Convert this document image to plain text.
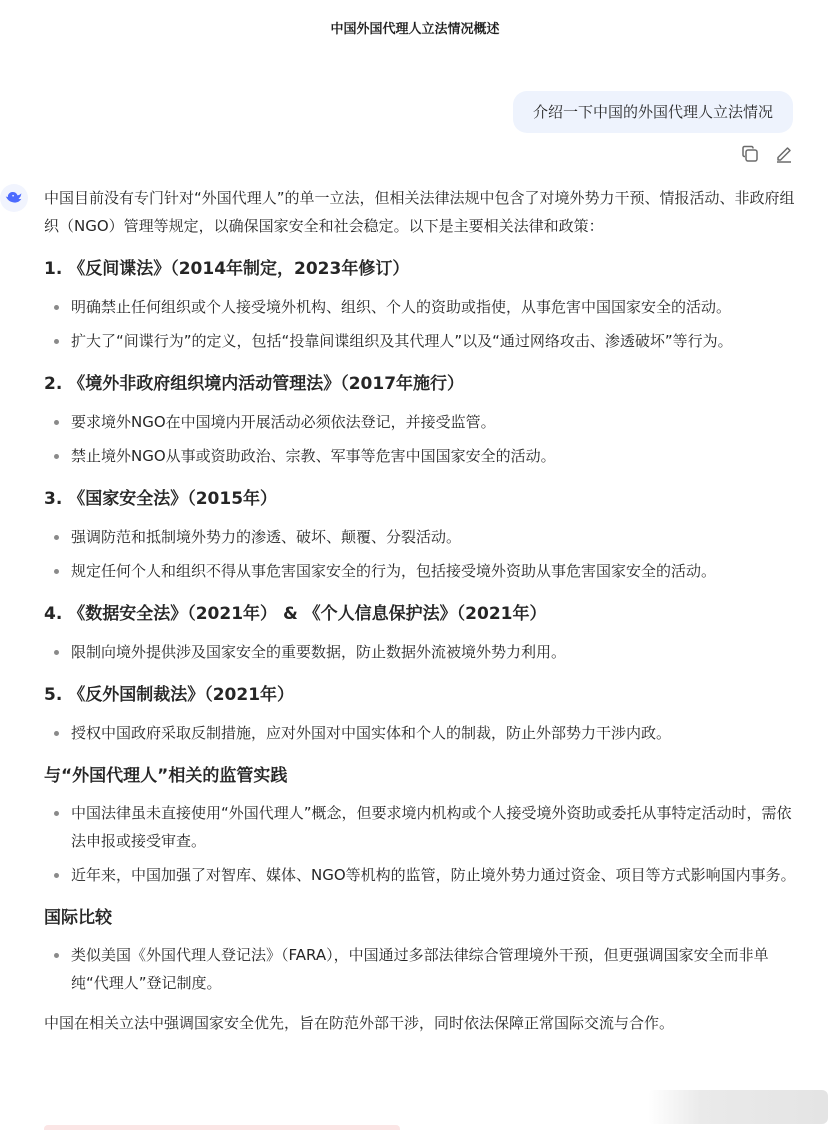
中国外国代理人立法情况概述
介绍一下中国的外国代理人立法情况

中国目前没有专门针对“外国代理人”的单一立法，但相关法律法规中包含了对境外势力干预、情报活动、非政府组织（NGO）管理等规定，以确保国家安全和社会稳定。以下是主要相关法律和政策：

1. 《反间谍法》（2014年制定，2023年修订）
明确禁止任何组织或个人接受境外机构、组织、个人的资助或指使，从事危害中国国家安全的活动。
扩大了“间谍行为”的定义，包括“投靠间谍组织及其代理人”以及“通过网络攻击、渗透破坏”等行为。
2. 《境外非政府组织境内活动管理法》（2017年施行）
要求境外NGO在中国境内开展活动必须依法登记，并接受监管。
禁止境外NGO从事或资助政治、宗教、军事等危害中国国家安全的活动。
3. 《国家安全法》（2015年）
强调防范和抵制境外势力的渗透、破坏、颠覆、分裂活动。
规定任何个人和组织不得从事危害国家安全的行为，包括接受境外资助从事危害国家安全的活动。
4. 《数据安全法》（2021年） & 《个人信息保护法》（2021年）
限制向境外提供涉及国家安全的重要数据，防止数据外流被境外势力利用。
5. 《反外国制裁法》（2021年）
授权中国政府采取反制措施，应对外国对中国实体和个人的制裁，防止外部势力干涉内政。
与“外国代理人”相关的监管实践
中国法律虽未直接使用“外国代理人”概念，但要求境内机构或个人接受境外资助或委托从事特定活动时，需依法申报或接受审查。
近年来，中国加强了对智库、媒体、NGO等机构的监管，防止境外势力通过资金、项目等方式影响国内事务。
国际比较
类似美国《外国代理人登记法》（FARA），中国通过多部法律综合管理境外干预，但更强调国家安全而非单纯“代理人”登记制度。

中国在相关立法中强调国家安全优先，旨在防范外部干涉，同时依法保障正常国际交流与合作。
